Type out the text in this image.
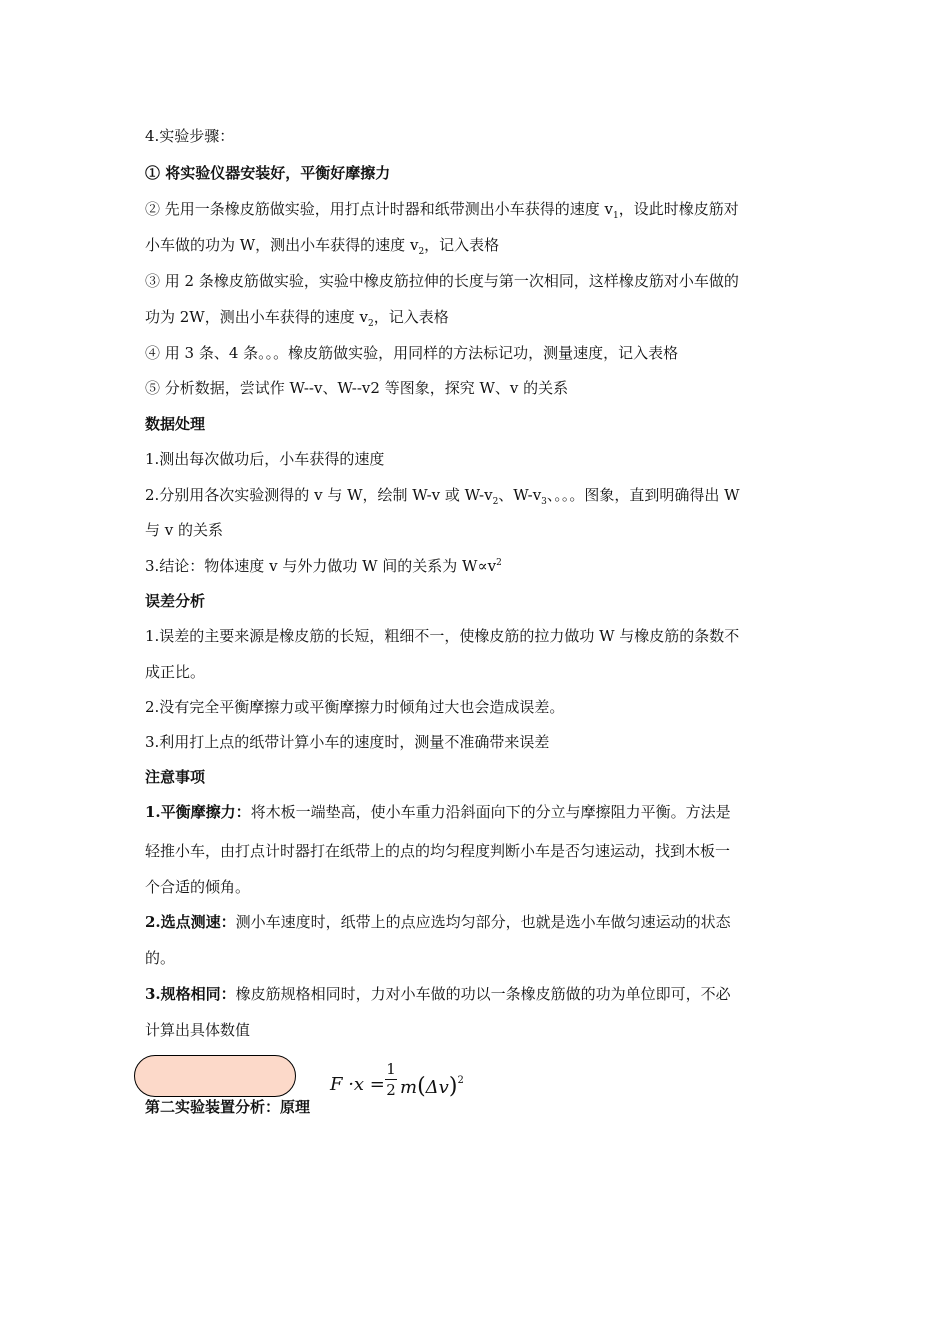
4.实验步骤：
① 将实验仪器安装好，平衡好摩擦力
② 先用一条橡皮筋做实验，用打点计时器和纸带测出小车获得的速度 $v_1$，设此时橡皮筋对
小车做的功为 W，测出小车获得的速度 $v_2$，记入表格
③ 用 2 条橡皮筋做实验，实验中橡皮筋拉伸的长度与第一次相同，这样橡皮筋对小车做的
功为 2W，测出小车获得的速度 $v_2$，记入表格
④ 用 3 条、4 条。。。橡皮筋做实验，用同样的方法标记功，测量速度，记入表格
⑤ 分析数据，尝试作 W--v、W--v2 等图象，探究 W、v 的关系
数据处理
1.测出每次做功后，小车获得的速度
2.分别用各次实验测得的 v 与 W，绘制 W-v 或 $W-v_2$、$W-v_3$、。。。图象，直到明确得出 W
与 v 的关系
3.结论：物体速度 v 与外力做功 W 间的关系为 $W\propto v^2$
误差分析
1.误差的主要来源是橡皮筋的长短，粗细不一，使橡皮筋的拉力做功 W 与橡皮筋的条数不
成正比。
2.没有完全平衡摩擦力或平衡摩擦力时倾角过大也会造成误差。
3.利用打上点的纸带计算小车的速度时，测量不准确带来误差
注意事项
1.平衡摩擦力：将木板一端垫高，使小车重力沿斜面向下的分立与摩擦阻力平衡。方法是
轻推小车，由打点计时器打在纸带上的点的均匀程度判断小车是否匀速运动，找到木板一
个合适的倾角。
2.选点测速：测小车速度时，纸带上的点应选均匀部分，也就是选小车做匀速运动的状态
的。
3.规格相同：橡皮筋规格相同时，力对小车做的功以一条橡皮筋做的功为单位即可，不必
计算出具体数值
第二实验装置分析：原理
F ·x =
1
2 $m(\Delta v)^2$
